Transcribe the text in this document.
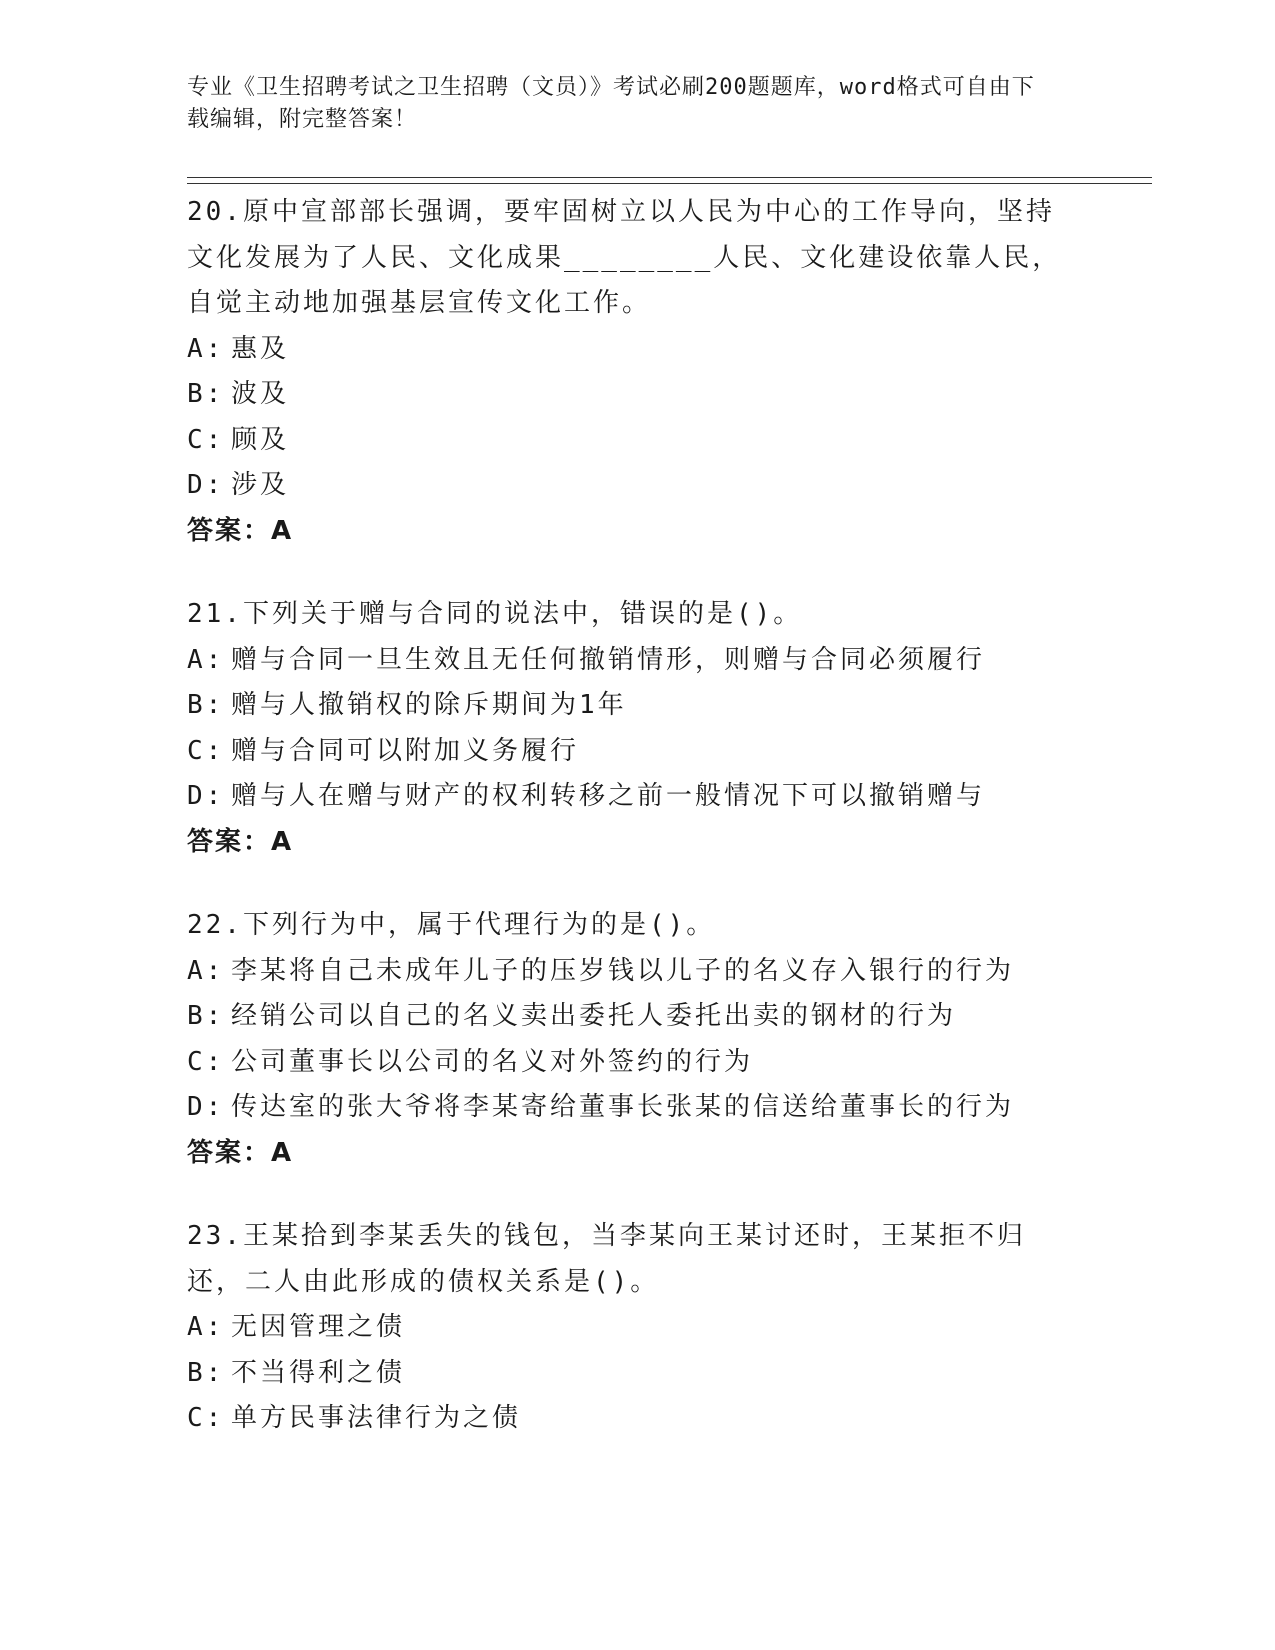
专业《卫生招聘考试之卫生招聘（文员）》考试必刷200题题库，word格式可自由下载编辑，附完整答案！
20.原中宣部部长强调，要牢固树立以人民为中心的工作导向，坚持文化发展为了人民、文化成果________人民、文化建设依靠人民，自觉主动地加强基层宣传文化工作。
A: 惠及
B: 波及
C: 顾及
D: 涉及
答案：A
21.下列关于赠与合同的说法中，错误的是()。
A: 赠与合同一旦生效且无任何撤销情形，则赠与合同必须履行
B: 赠与人撤销权的除斥期间为1年
C: 赠与合同可以附加义务履行
D: 赠与人在赠与财产的权利转移之前一般情况下可以撤销赠与
答案：A
22.下列行为中，属于代理行为的是()。
A: 李某将自己未成年儿子的压岁钱以儿子的名义存入银行的行为
B: 经销公司以自己的名义卖出委托人委托出卖的钢材的行为
C: 公司董事长以公司的名义对外签约的行为
D: 传达室的张大爷将李某寄给董事长张某的信送给董事长的行为
答案：A
23.王某拾到李某丢失的钱包，当李某向王某讨还时，王某拒不归还，二人由此形成的债权关系是()。
A: 无因管理之债
B: 不当得利之债
C: 单方民事法律行为之债
